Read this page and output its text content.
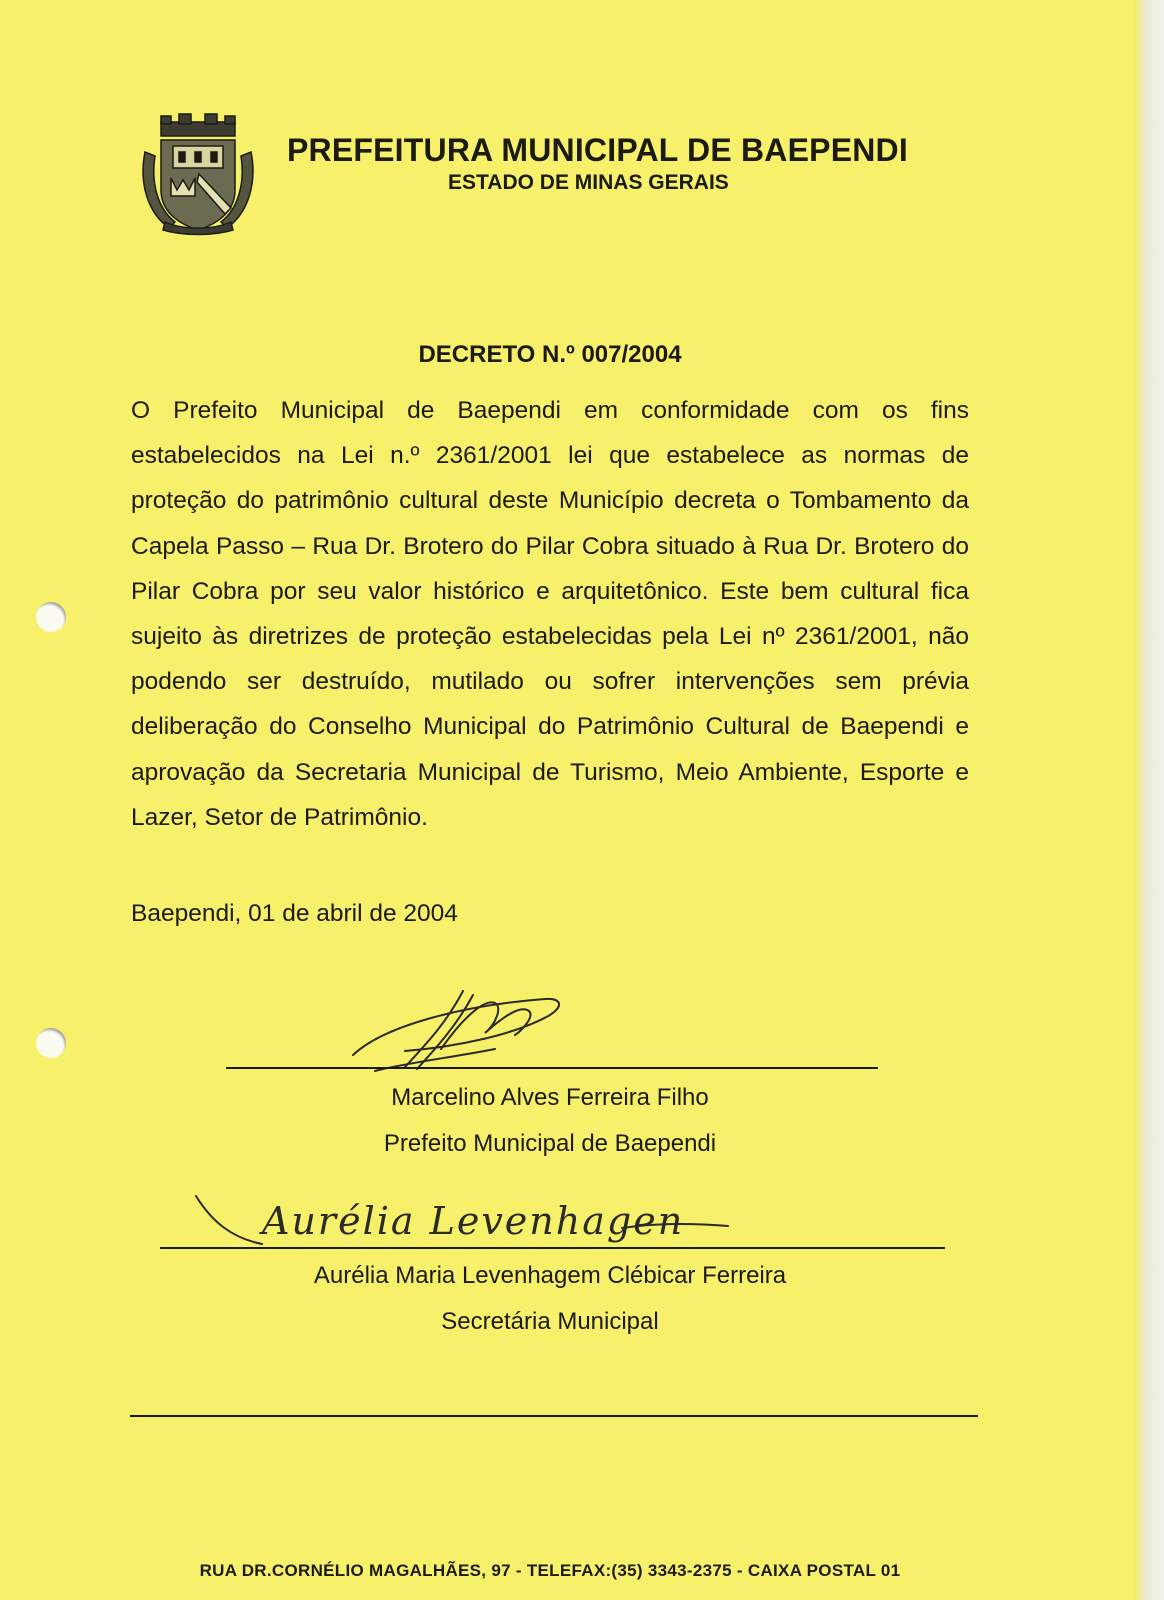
PREFEITURA MUNICIPAL DE BAEPENDI
ESTADO DE MINAS GERAIS
DECRETO N.º 007/2004
O Prefeito Municipal de Baependi em conformidade com os fins estabelecidos na Lei n.º 2361/2001 lei que estabelece as normas de proteção do patrimônio cultural deste Município decreta o Tombamento da Capela Passo – Rua Dr. Brotero do Pilar Cobra situado à Rua Dr. Brotero do Pilar Cobra por seu valor histórico e arquitetônico. Este bem cultural fica sujeito às diretrizes de proteção estabelecidas pela Lei nº 2361/2001, não podendo ser destruído, mutilado ou sofrer intervenções sem prévia deliberação do Conselho Municipal do Patrimônio Cultural de Baependi e aprovação da Secretaria Municipal de Turismo, Meio Ambiente, Esporte e Lazer, Setor de Patrimônio.
Baependi, 01 de abril de 2004
Marcelino Alves Ferreira Filho
Prefeito Municipal de Baependi
Aurélia Levenhagen
Aurélia Maria Levenhagem Clébicar Ferreira
Secretária Municipal
RUA DR.CORNÉLIO MAGALHÃES, 97 - TELEFAX:(35) 3343-2375 - CAIXA POSTAL 01
